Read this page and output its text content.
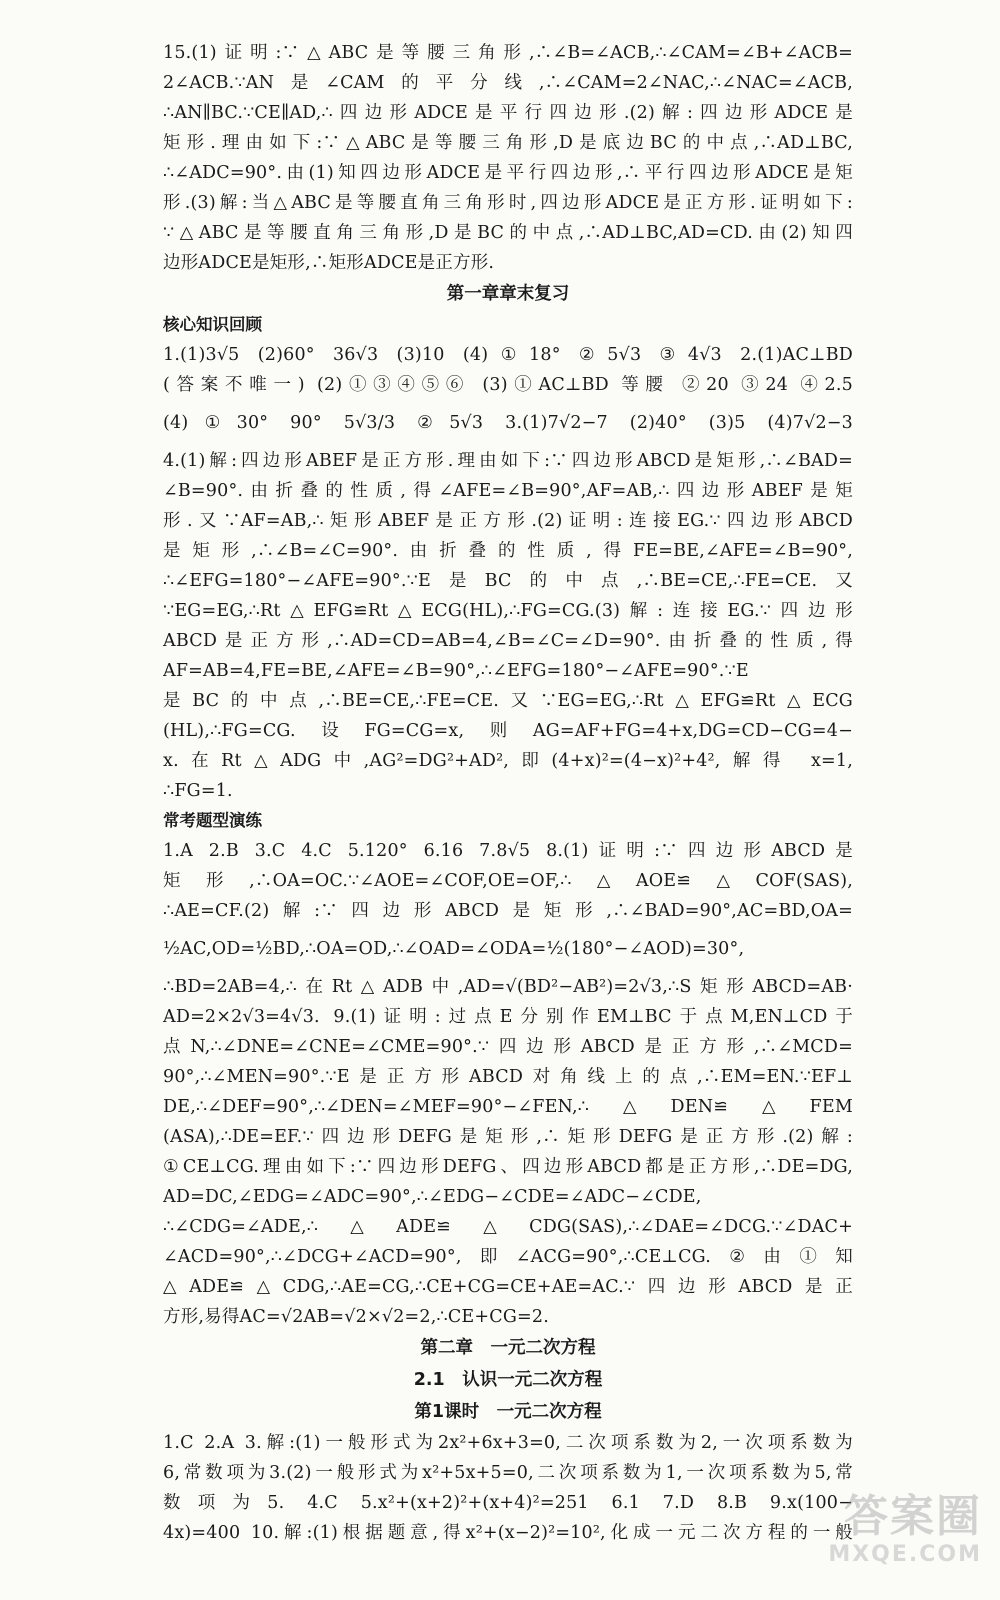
15.(1)证明:∵△ABC是等腰三角形,∴∠B=∠ACB,∴∠CAM=∠B+∠ACB=
2∠ACB.∵AN是∠CAM的平分线,∴∠CAM=2∠NAC,∴∠NAC=∠ACB,
∴AN∥BC.∵CE∥AD,∴四边形ADCE是平行四边形.(2)解:四边形ADCE是
矩形.理由如下:∵△ABC是等腰三角形,D是底边BC的中点,∴AD⊥BC,
∴∠ADC=90°.由(1)知四边形ADCE是平行四边形,∴平行四边形ADCE是矩
形.(3)解:当△ABC是等腰直角三角形时,四边形ADCE是正方形.证明如下:
∵△ABC是等腰直角三角形,D是BC的中点,∴AD⊥BC,AD=CD.由(2)知四
边形ADCE是矩形,∴矩形ADCE是正方形.
第一章章末复习
核心知识回顾
1.(1)3√5 (2)60° 36√3 (3)10 (4)①18° ②5√3 ③4√3 2.(1)AC⊥BD
(答案不唯一) (2)①③④⑤⑥ (3)①AC⊥BD 等腰 ②20 ③24 ④2.5
(4)①30° 90° 5√3/3 ②5√3 3.(1)7√2−7 (2)40° (3)5 (4)7√2−3
4.(1)解:四边形ABEF是正方形.理由如下:∵四边形ABCD是矩形,∴∠BAD=
∠B=90°.由折叠的性质,得∠AFE=∠B=90°,AF=AB,∴四边形ABEF是矩
形.又∵AF=AB,∴矩形ABEF是正方形.(2)证明:连接EG.∵四边形ABCD
是矩形,∴∠B=∠C=90°.由折叠的性质,得FE=BE,∠AFE=∠B=90°,
∴∠EFG=180°−∠AFE=90°.∵E是BC的中点,∴BE=CE,∴FE=CE.又
∵EG=EG,∴Rt△EFG≌Rt△ECG(HL),∴FG=CG.(3)解:连接EG.∵四边形
ABCD是正方形,∴AD=CD=AB=4,∠B=∠C=∠D=90°.由折叠的性质,得
AF=AB=4,FE=BE,∠AFE=∠B=90°,∴∠EFG=180°−∠AFE=90°.∵E
是BC的中点,∴BE=CE,∴FE=CE.又∵EG=EG,∴Rt△EFG≌Rt△ECG
(HL),∴FG=CG.设FG=CG=x,则AG=AF+FG=4+x,DG=CD−CG=4−
x.在Rt△ADG中,AG²=DG²+AD²,即(4+x)²=(4−x)²+4²,解得 x=1,
∴FG=1.
常考题型演练
1.A 2.B 3.C 4.C 5.120° 6.16 7.8√5 8.(1)证明:∵四边形ABCD是
矩形,∴OA=OC.∵∠AOE=∠COF,OE=OF,∴△AOE≌△COF(SAS),
∴AE=CF.(2)解:∵四边形ABCD是矩形,∴∠BAD=90°,AC=BD,OA=
½AC,OD=½BD,∴OA=OD,∴∠OAD=∠ODA=½(180°−∠AOD)=30°,
∴BD=2AB=4,∴在Rt△ADB中,AD=√(BD²−AB²)=2√3,∴S矩形ABCD=AB·
AD=2×2√3=4√3. 9.(1)证明:过点E分别作EM⊥BC于点M,EN⊥CD于
点N,∴∠DNE=∠CNE=∠CME=90°.∵四边形ABCD是正方形,∴∠MCD=
90°,∴∠MEN=90°.∵E是正方形ABCD对角线上的点,∴EM=EN.∵EF⊥
DE,∴∠DEF=90°,∴∠DEN=∠MEF=90°−∠FEN,∴△DEN≌△FEM
(ASA),∴DE=EF.∵四边形DEFG是矩形,∴矩形DEFG是正方形.(2)解:
①CE⊥CG.理由如下:∵四边形DEFG、四边形ABCD都是正方形,∴DE=DG,
AD=DC,∠EDG=∠ADC=90°,∴∠EDG−∠CDE=∠ADC−∠CDE,
∴∠CDG=∠ADE,∴△ADE≌△CDG(SAS),∴∠DAE=∠DCG.∵∠DAC+
∠ACD=90°,∴∠DCG+∠ACD=90°,即∠ACG=90°,∴CE⊥CG.②由①知
△ADE≌△CDG,∴AE=CG,∴CE+CG=CE+AE=AC.∵四边形ABCD是正
方形,易得AC=√2AB=√2×√2=2,∴CE+CG=2.
第二章　一元二次方程
2.1　认识一元二次方程
第1课时　一元二次方程
1.C 2.A 3.解:(1)一般形式为2x²+6x+3=0,二次项系数为2,一次项系数为
6,常数项为3.(2)一般形式为x²+5x+5=0,二次项系数为1,一次项系数为5,常
数项为5. 4.C 5.x²+(x+2)²+(x+4)²=251 6.1 7.D 8.B 9.x(100−
4x)=400 10.解:(1)根据题意,得x²+(x−2)²=10²,化成一元二次方程的一般
答案圈
MXQE.COM
